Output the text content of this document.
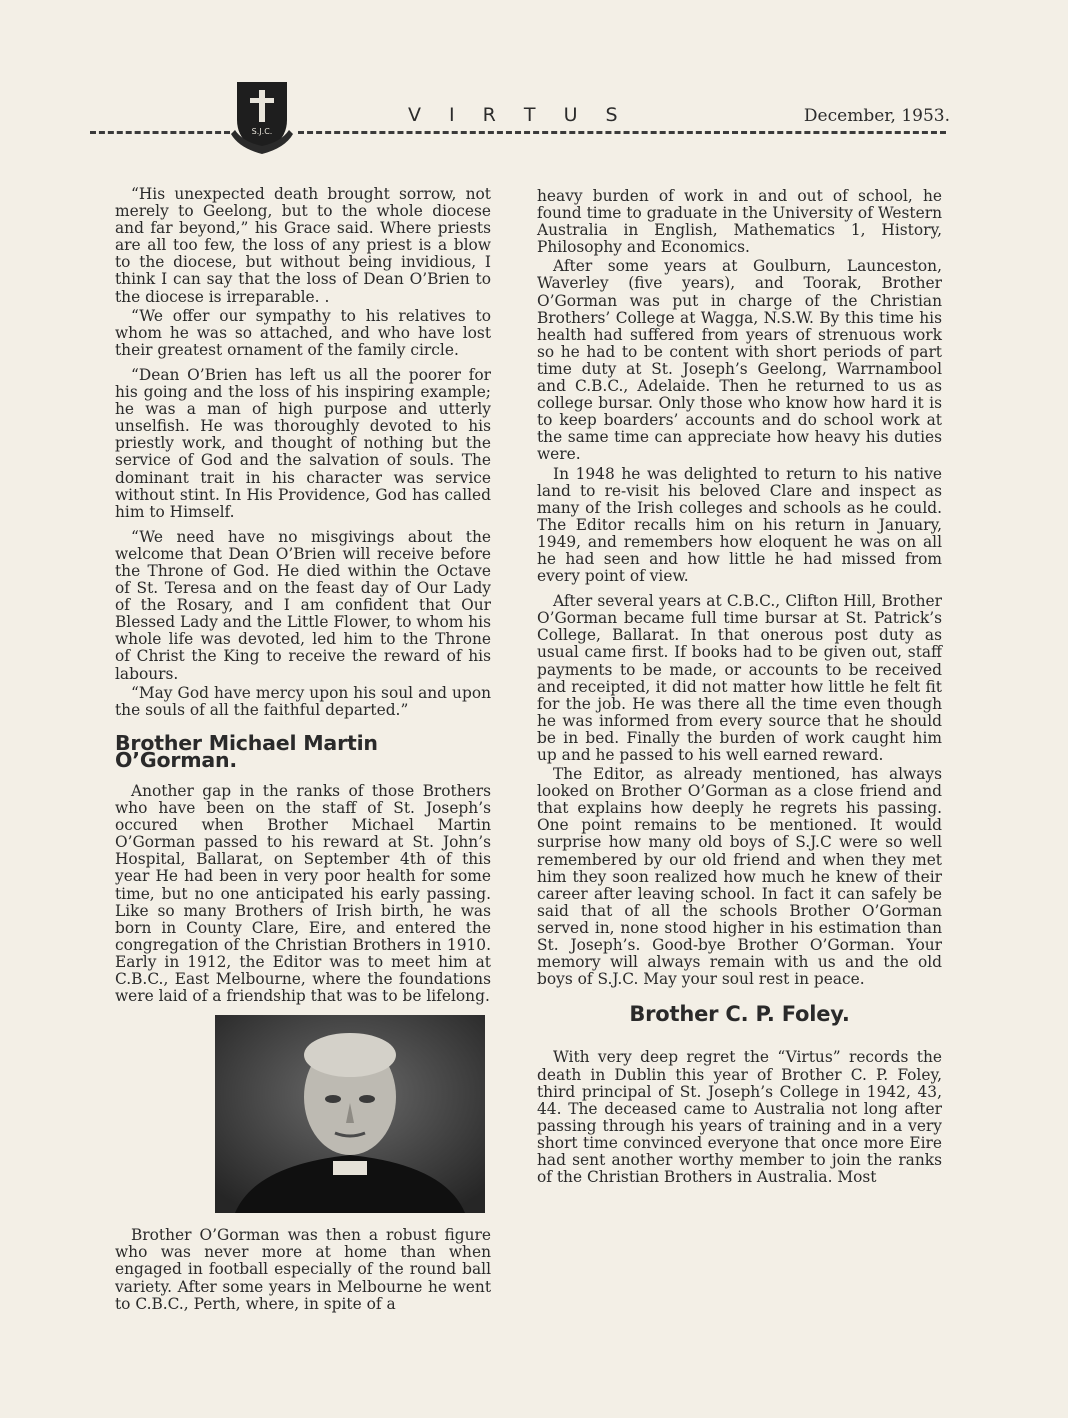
S.J.C.
V I R T U S	December, 1953.

“His unexpected death brought sorrow, not merely to Geelong, but to the whole diocese and far beyond,” his Grace said. Where priests are all too few, the loss of any priest is a blow to the diocese, but without being invidious, I think I can say that the loss of Dean O’Brien to the diocese is irreparable. .

“We offer our sympathy to his relatives to whom he was so attached, and who have lost their greatest ornament of the family circle.

“Dean O’Brien has left us all the poorer for his going and the loss of his inspiring example; he was a man of high purpose and utterly unselfish. He was thoroughly devoted to his priestly work, and thought of nothing but the service of God and the salvation of souls. The dominant trait in his character was service without stint. In His Providence, God has called him to Himself.

“We need have no misgivings about the welcome that Dean O’Brien will receive before the Throne of God. He died within the Octave of St. Teresa and on the feast day of Our Lady of the Rosary, and I am confident that Our Blessed Lady and the Little Flower, to whom his whole life was devoted, led him to the Throne of Christ the King to receive the reward of his labours.

“May God have mercy upon his soul and upon the souls of all the faithful departed.”

Brother Michael Martin O’Gorman.

Another gap in the ranks of those Brothers who have been on the staff of St. Joseph’s occured when Brother Michael Martin O’Gorman passed to his reward at St. John’s Hospital, Ballarat, on September 4th of this year He had been in very poor health for some time, but no one anticipated his early passing. Like so many Brothers of Irish birth, he was born in County Clare, Eire, and entered the congregation of the Christian Brothers in 1910. Early in 1912, the Editor was to meet him at C.B.C., East Melbourne, where the foundations were laid of a friendship that was to be lifelong.

Brother O’Gorman was then a robust figure who was never more at home than when engaged in football especially of the round ball variety. After some years in Melbourne he went to C.B.C., Perth, where, in spite of a

heavy burden of work in and out of school, he found time to graduate in the University of Western Australia in English, Mathematics 1, History, Philosophy and Economics.

After some years at Goulburn, Launceston, Waverley (five years), and Toorak, Brother O’Gorman was put in charge of the Christian Brothers’ College at Wagga, N.S.W. By this time his health had suffered from years of strenuous work so he had to be content with short periods of part time duty at St. Joseph’s Geelong, Warrnambool and C.B.C., Adelaide. Then he returned to us as college bursar. Only those who know how hard it is to keep boarders’ accounts and do school work at the same time can appreciate how heavy his duties were.

In 1948 he was delighted to return to his native land to re-visit his beloved Clare and inspect as many of the Irish colleges and schools as he could. The Editor recalls him on his return in January, 1949, and remembers how eloquent he was on all he had seen and how little he had missed from every point of view.

After several years at C.B.C., Clifton Hill, Brother O’Gorman became full time bursar at St. Patrick’s College, Ballarat. In that onerous post duty as usual came first. If books had to be given out, staff payments to be made, or accounts to be received and receipted, it did not matter how little he felt fit for the job. He was there all the time even though he was informed from every source that he should be in bed. Finally the burden of work caught him up and he passed to his well earned reward.

The Editor, as already mentioned, has always looked on Brother O’Gorman as a close friend and that explains how deeply he regrets his passing. One point remains to be mentioned. It would surprise how many old boys of S.J.C were so well remembered by our old friend and when they met him they soon realized how much he knew of their career after leaving school. In fact it can safely be said that of all the schools Brother O’Gorman served in, none stood higher in his estimation than St. Joseph’s. Good-bye Brother O’Gorman. Your memory will always remain with us and the old boys of S.J.C. May your soul rest in peace.

Brother C. P. Foley.

With very deep regret the “Virtus” records the death in Dublin this year of Brother C. P. Foley, third principal of St. Joseph’s College in 1942, 43, 44. The deceased came to Australia not long after passing through his years of training and in a very short time convinced everyone that once more Eire had sent another worthy member to join the ranks of the Christian Brothers in Australia. Most
